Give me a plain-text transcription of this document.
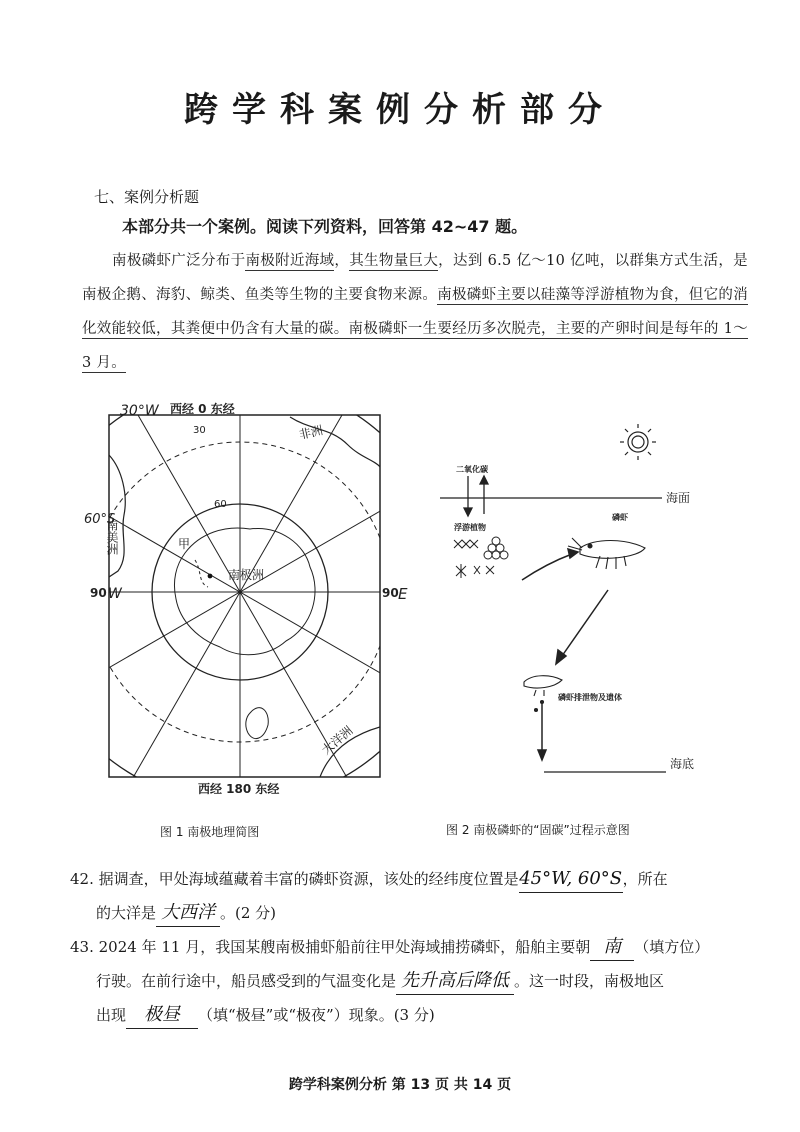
跨学科案例分析部分
七、案例分析题
本部分共一个案例。阅读下列资料，回答第 42~47 题。
南极磷虾广泛分布于南极附近海域，其生物量巨大，达到 6.5 亿～10 亿吨，以群集方式生活，是南极企鹅、海豹、鲸类、鱼类等生物的主要食物来源。南极磷虾主要以硅藻等浮游植物为食，但它的消化效能较低，其粪便中仍含有大量的碳。南极磷虾一生要经历多次脱壳，主要的产卵时间是每年的 1～3 月。
西经 0 东经
西经 180 东经
90	90
30
60
非洲
南美洲
南极洲
大洋洲
甲
30°W
60°S
W	E
图 1 南极地理简图
二氧化碳
海面
浮游植物
磷虾
磷虾排泄物及遗体
海底
图 2 南极磷虾的“固碳”过程示意图
42. 据调查，甲处海域蕴藏着丰富的磷虾资源，该处的经纬度位置是45°W, 60°S，所在
的大洋是 大西洋 。(2 分)
43. 2024 年 11 月，我国某艘南极捕虾船前往甲处海域捕捞磷虾，船舶主要朝 南 （填方位）
行驶。在前行途中，船员感受到的气温变化是 先升高后降低 。这一时段，南极地区
出现 极昼 （填“极昼”或“极夜”）现象。(3 分)
跨学科案例分析 第 13 页 共 14 页
